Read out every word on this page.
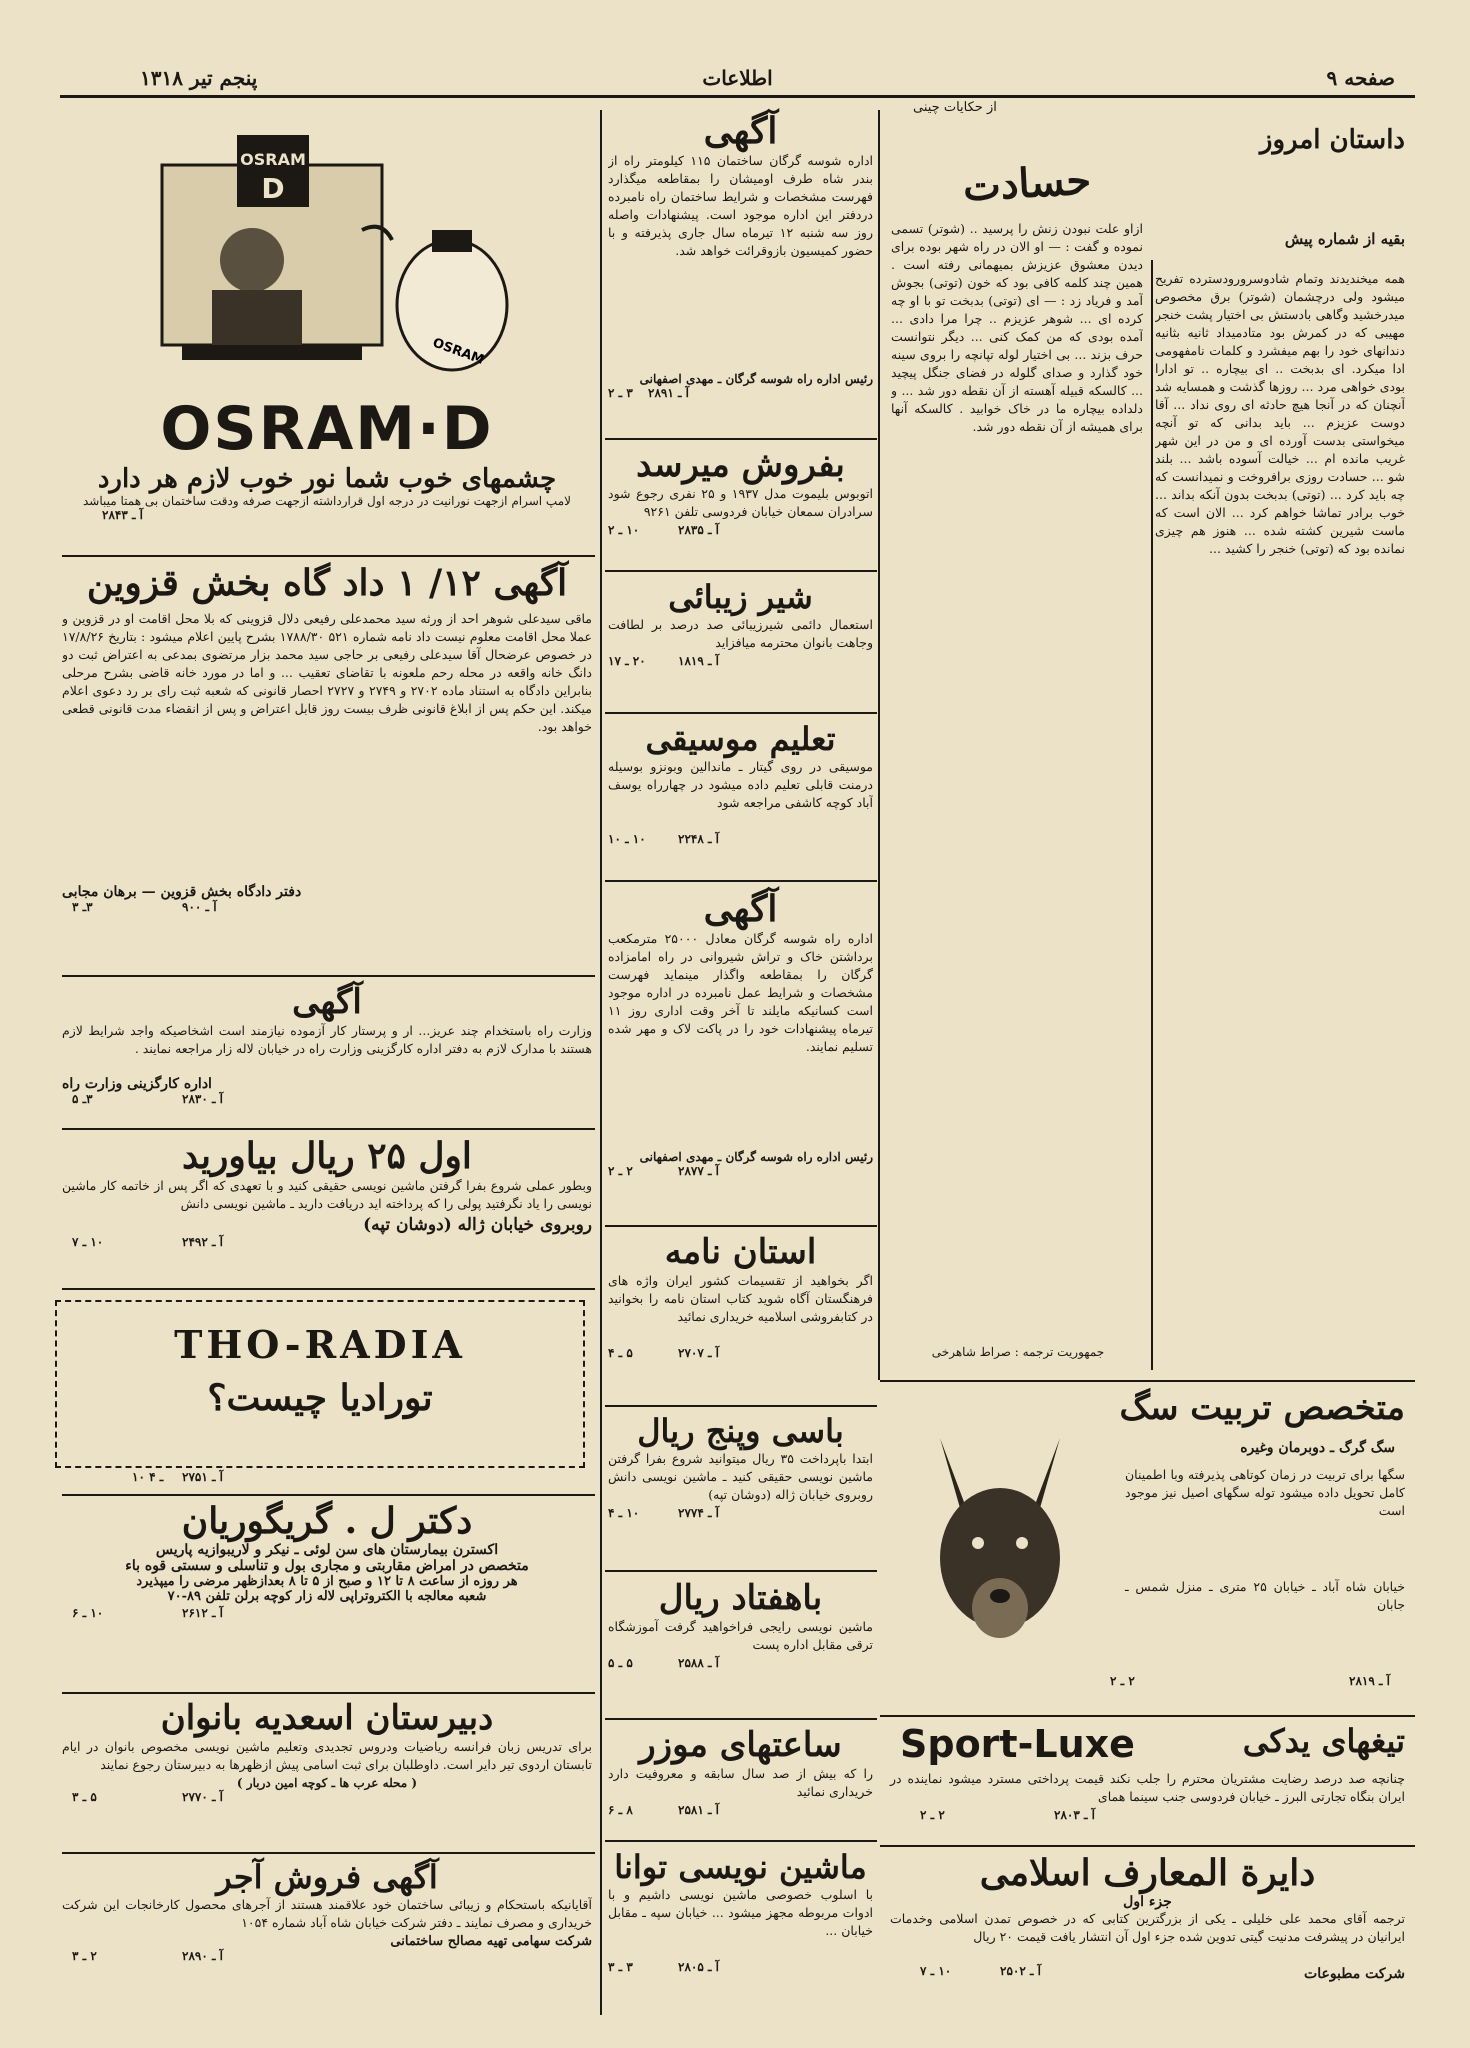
صفحه ۹
اطلاعات
پنجم تیر ۱۳۱۸
از حکایات چینی
داستان امروز
حسادت
بقیه از شماره پیش
همه میخندیدند وتمام شادوسرورودسترده تفریح میشود ولی درچشمان (شوتر) برق مخصوص میدرخشید وگاهی بادستش بی اختیار پشت خنجر مهیبی که در کمرش بود متادمیداد ثانیه بثانیه دندانهای خود را بهم میفشرد و کلمات نامفهومی ادا میکرد. ای بدبخت .. ای بیچاره .. تو ادارا بودی خواهی مرد ... روزها گذشت و همسایه شد آنچنان که در آنجا هیچ حادثه ای روی نداد ... آقا دوست عزیزم ... باید بدانی که تو آنچه میخواستی بدست آورده ای و من در این شهر غریب مانده ام ... خیالت آسوده باشد ... بلند شو ... حسادت روزی برافروخت و نمیدانست که چه باید کرد ... (توتی) بدبخت بدون آنکه بداند ... خوب برادر تماشا خواهم کرد ... الان است که ماست شیرین کشته شده ... هنوز هم چیزی نمانده بود که (توتی) خنجر را کشید ...
ازاو علت نبودن زنش را پرسید .. (شوتر) تسمی نموده و گفت : — او الان در راه شهر بوده برای دیدن معشوق عزیزش بمیهمانی رفته است . همین چند کلمه کافی بود که خون (توتی) بجوش آمد و فریاد زد : — ای (توتی) بدبخت تو با او چه کرده ای ... شوهر عزیزم .. چرا مرا دادی ... آمده بودی که من کمک کنی ... دیگر نتوانست حرف بزند ... بی اختیار لوله تپانچه را بروی سینه خود گذارد و صدای گلوله در فضای جنگل پیچید ... کالسکه قبیله آهسته از آن نقطه دور شد ... و دلداده بیچاره ما در خاک خوابید . کالسکه آنها برای همیشه از آن نقطه دور شد.
جمهوریت ترجمه : صراط شاهرخی
OSRAM
D
OSRAM
OSRAM·D
چشمهای خوب شما نور خوب لازم هر دارد
لامپ اسرام ازجهت نورانیت در درجه اول قرارداشته ازجهت صرفه ودقت ساختمان بی همتا میباشد
آ ـ ۲۸۴۳
آگهی ۱۲/ ۱ داد گاه بخش قزوین
ماقی سیدعلی شوهر احد از ورثه سید محمدعلی رفیعی دلال قزوینی که بلا محل اقامت او در قزوین و عملا محل اقامت معلوم نیست داد نامه شماره ۵۲۱ ۱۷۸۸/۳۰ بشرح پایین اعلام میشود : بتاریخ ۱۷/۸/۲۶ در خصوص عرضحال آقا سیدعلی رفیعی بر حاجی سید محمد بزار مرتضوی بمدعی به اعتراض ثبت دو دانگ خانه واقعه در محله رحم ملعونه با تقاضای تعقیب ... و اما در مورد خانه قاضی بشرح مرحلی بنابراین دادگاه به استناد ماده ۲۷۰۲ و ۲۷۴۹ و ۲۷۲۷ احصار قانونی که شعبه ثبت رای بر رد دعوی اعلام میکند. این حکم پس از ابلاغ قانونی ظرف بیست روز قابل اعتراض و پس از انقضاء مدت قانونی قطعی خواهد بود.
دفتر دادگاه بخش قزوین — برهان مجابی
آ ـ ۹۰۰
۳ـ ۳
آگهی
وزارت راه باستخدام چند عریز... ار و پرستار کار آزموده نیازمند است اشخاصیکه واجد شرایط لازم هستند با مدارک لازم به دفتر اداره کارگزینی وزارت راه در خیابان لاله زار مراجعه نمایند .
اداره کارگزینی وزارت راه
آ ـ ۲۸۳۰
۳ـ ۵
اول ۲۵ ریال بیاورید
وبطور عملی شروع بفرا گرفتن ماشین نویسی حقیقی کنید و با تعهدی که اگر پس از خاتمه کار ماشین نویسی را یاد نگرفتید پولی را که پرداخته اید دریافت دارید ـ ماشین نویسی دانش
روبروی خیابان ژاله (دوشان تپه)
آ ـ ۲۴۹۲
۱۰ ـ ۷
THO-RADIA
تورادیا چیست؟
آ ـ ۲۷۵۱
۱۰ ـ ۴
دکتر ل . گریگوریان
اکسترن بیمارستان های سن لوئی ـ نیکر و لاریبوازیه پاریس
متخصص در امراض مقاربتی و مجاری بول و تناسلی و سستی قوه باء
هر روزه از ساعت ۸ تا ۱۲ و صبح از ۵ تا ۸ بعدازظهر مرضی را میپذیرد
شعبه معالجه با الکتروتراپی لاله زار کوچه برلن تلفن ۸۹-۷۰
آ ـ ۲۶۱۲
۱۰ ـ ۶
دبیرستان اسعدیه بانوان
برای تدریس زبان فرانسه ریاضیات ودروس تجدیدی وتعلیم ماشین نویسی مخصوص بانوان در ایام تابستان اردوی تیر دایر است. داوطلبان برای ثبت اسامی پیش ازظهرها به دبیرستان رجوع نمایند
( محله عرب ها ـ کوچه امین دربار )
آ ـ ۲۷۷۰
۵ ـ ۳
آگهی فروش آجر
آقایانیکه باستحکام و زیبائی ساختمان خود علاقمند هستند از آجرهای محصول کارخانجات این شرکت خریداری و مصرف نمایند ـ دفتر شرکت خیابان شاه آباد شماره ۱۰۵۴
شرکت سهامی تهیه مصالح ساختمانی
آ ـ ۲۸۹۰
۲ ـ ۳
آگهی
اداره شوسه گرگان ساختمان ۱۱۵ کیلومتر راه از بندر شاه طرف اومیشان را بمقاطعه میگذارد فهرست مشخصات و شرایط ساختمان راه نامبرده دردفتر این اداره موجود است. پیشنهادات واصله روز سه شنبه ۱۲ تیرماه سال جاری پذیرفته و با حضور کمیسیون بازوقرائت خواهد شد.
رئیس اداره راه شوسه گرگان ـ مهدی اصفهانی
آ ـ ۲۸۹۱
۳ ـ ۲
بفروش میرسد
اتوبوس بلیموت مدل ۱۹۳۷ و ۲۵ نفری رجوع شود سرادران سمعان خیابان فردوسی تلفن ۹۲۶۱
آ ـ ۲۸۳۵
۱۰ ـ ۲
شیر زیبائی
استعمال دائمی شیرزیبائی صد درصد بر لطافت وجاهت بانوان محترمه میافزاید
آ ـ ۱۸۱۹
۲۰ ـ ۱۷
تعلیم موسیقی
موسیقی در روی گیتار ـ ماندالین وبونزو بوسیله درمنت قابلی تعلیم داده میشود در چهارراه یوسف آباد کوچه کاشفی مراجعه شود
آ ـ ۲۲۴۸
۱۰ ـ ۱۰
آگهی
اداره راه شوسه گرگان معادل ۲۵۰۰۰ مترمکعب برداشتن خاک و تراش شیروانی در راه امامزاده گرگان را بمقاطعه واگذار مینماید فهرست مشخصات و شرایط عمل نامبرده در اداره موجود است کسانیکه مایلند تا آخر وقت اداری روز ۱۱ تیرماه پیشنهادات خود را در پاکت لاک و مهر شده تسلیم نمایند.
رئیس اداره راه شوسه گرگان ـ مهدی اصفهانی
آ ـ ۲۸۷۷
۲ ـ ۲
استان نامه
اگر بخواهید از تقسیمات کشور ایران واژه های فرهنگستان آگاه شوید کتاب استان نامه را بخوانید در کتابفروشی اسلامیه خریداری نمائید
آ ـ ۲۷۰۷
۵ ـ ۴
باسی وپنج ریال
ابتدا باپرداخت ۳۵ ریال میتوانید شروع بفرا گرفتن ماشین نویسی حقیقی کنید ـ ماشین نویسی دانش روبروی خیابان ژاله (دوشان تپه)
آ ـ ۲۷۷۴
۱۰ ـ ۴
باهفتاد ریال
ماشین نویسی رایجی فراخواهید گرفت آموزشگاه ترقی مقابل اداره پست
آ ـ ۲۵۸۸
۵ ـ ۵
ساعتهای موزر
را که بیش از صد سال سابقه و معروفیت دارد خریداری نمائید
آ ـ ۲۵۸۱
۸ ـ ۶
ماشین نویسی توانا
با اسلوب خصوصی ماشین نویسی داشیم و با ادوات مربوطه مجهز میشود ... خیابان سپه ـ مقابل خیابان ...
آ ـ ۲۸۰۵
۳ ـ ۳
متخصص تربیت سگ
سگ گرگ ـ دوبرمان وغیره
سگها برای تربیت در زمان کوتاهی پذیرفته وبا اطمینان کامل تحویل داده میشود توله سگهای اصیل نیز موجود است
خیابان شاه آباد ـ خیابان ۲۵ متری ـ منزل شمس ـ جابان
آ ـ ۲۸۱۹
۲ ـ ۲
تیغهای یدکی
Sport-Luxe
چنانچه صد درصد رضایت مشتریان محترم را جلب نکند قیمت پرداختی مسترد میشود نماینده در ایران بنگاه تجارتی البرز ـ خیابان فردوسی جنب سینما همای
آ ـ ۲۸۰۳
۲ ـ ۲
دایرة المعارف اسلامی
جزء اول
ترجمه آقای محمد علی خلیلی ـ یکی از بزرگترین کتابی که در خصوص تمدن اسلامی وخدمات ایرانیان در پیشرفت مدنیت گیتی تدوین شده جزء اول آن انتشار یافت قیمت ۲۰ ریال
شرکت مطبوعات
آ ـ ۲۵۰۲
۱۰ ـ ۷
